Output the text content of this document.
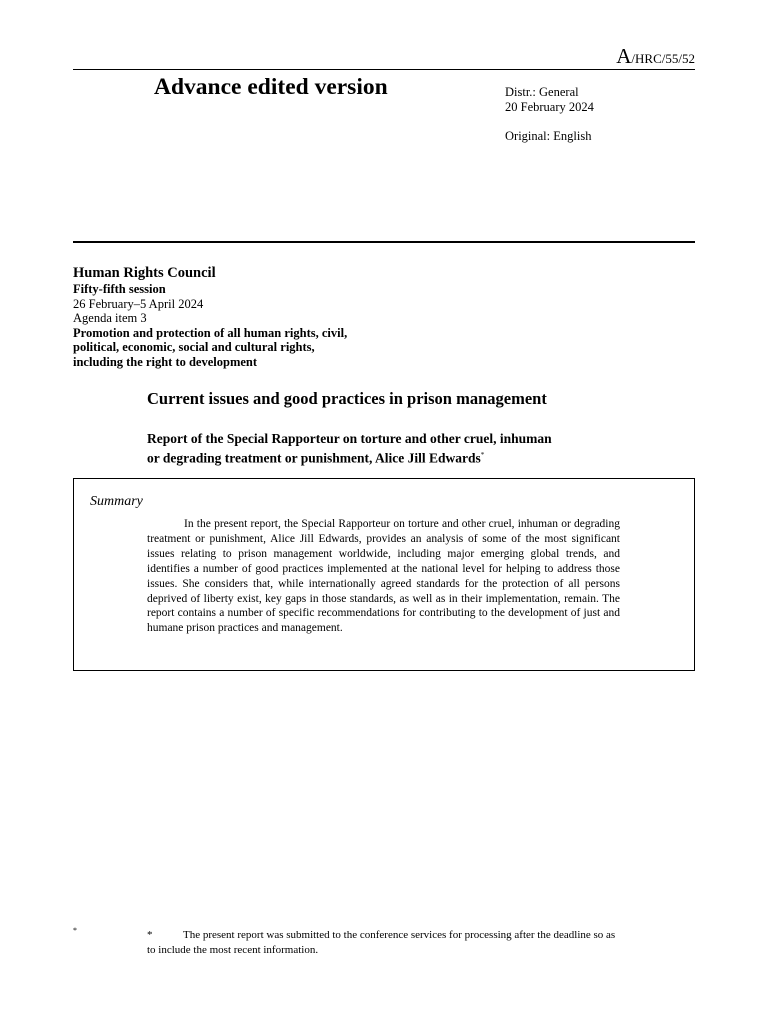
A/HRC/55/52
Advance edited version	Distr.: General
20 February 2024
Original: English
Human Rights Council
Fifty-fifth session
26 February–5 April 2024
Agenda item 3
Promotion and protection of all human rights, civil,
political, economic, social and cultural rights,
including the right to development
Current issues and good practices in prison management
Report of the Special Rapporteur on torture and other cruel, inhuman
or degrading treatment or punishment, Alice Jill Edwards*
Summary
In the present report, the Special Rapporteur on torture and other cruel, inhuman or degrading treatment or punishment, Alice Jill Edwards, provides an analysis of some of the most significant issues relating to prison management worldwide, including major emerging global trends, and identifies a number of good practices implemented at the national level for helping to address those issues. She considers that, while internationally agreed standards for the protection of all persons deprived of liberty exist, key gaps in those standards, as well as in their implementation, remain. The report contains a number of specific recommendations for contributing to the development of just and humane prison practices and management.
*	*	The present report was submitted to the conference services for processing after the deadline so as to include the most recent information.
